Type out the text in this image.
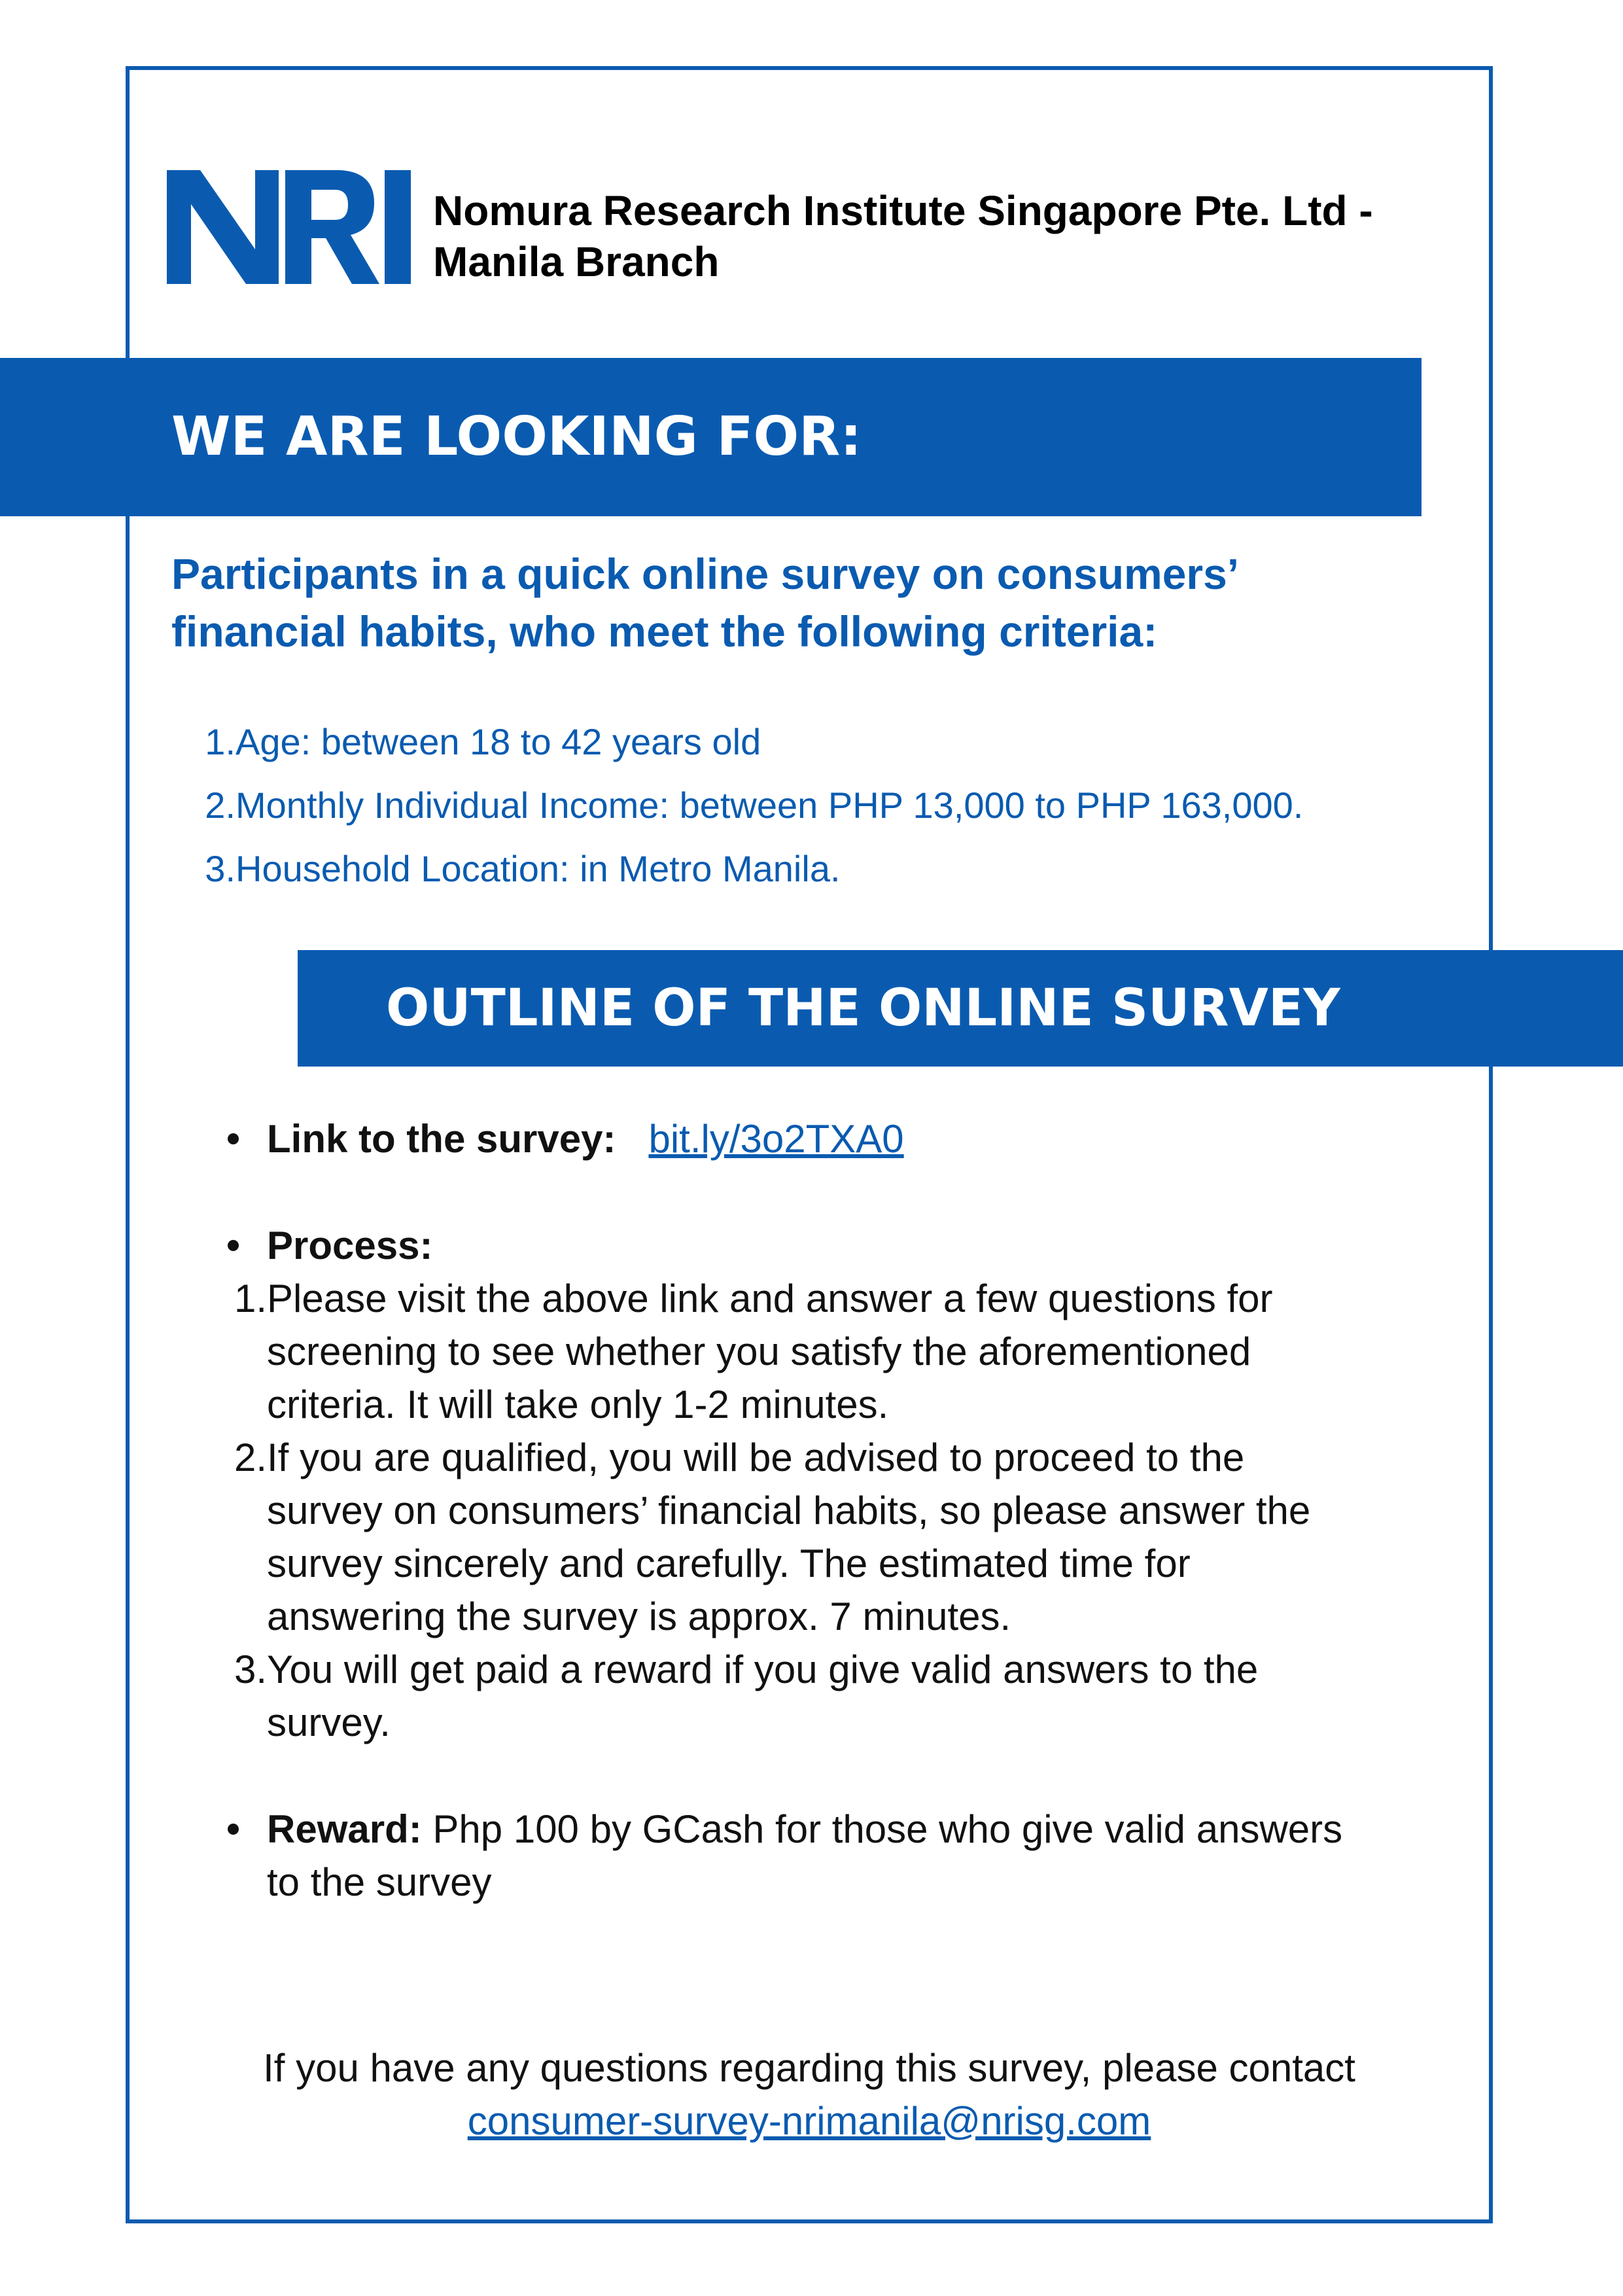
Nomura Research Institute Singapore Pte. Ltd -
Manila Branch
WE ARE LOOKING FOR:
Participants in a quick online survey on consumers’
financial habits, who meet the following criteria:
1. Age: between 18 to 42 years old
2. Monthly Individual Income: between PHP 13,000 to PHP 163,000.
3. Household Location: in Metro Manila.
OUTLINE OF THE ONLINE SURVEY
Link to the survey: bit.ly/3o2TXA0
Process:
1. Please visit the above link and answer a few questions for
screening to see whether you satisfy the aforementioned
criteria. It will take only 1-2 minutes.
2. If you are qualified, you will be advised to proceed to the
survey on consumers’ financial habits, so please answer the
survey sincerely and carefully. The estimated time for
answering the survey is approx. 7 minutes.
3. You will get paid a reward if you give valid answers to the
survey.
Reward: Php 100 by GCash for those who give valid answers
to the survey
If you have any questions regarding this survey, please contact
consumer-survey-nrimanila@nrisg.com
